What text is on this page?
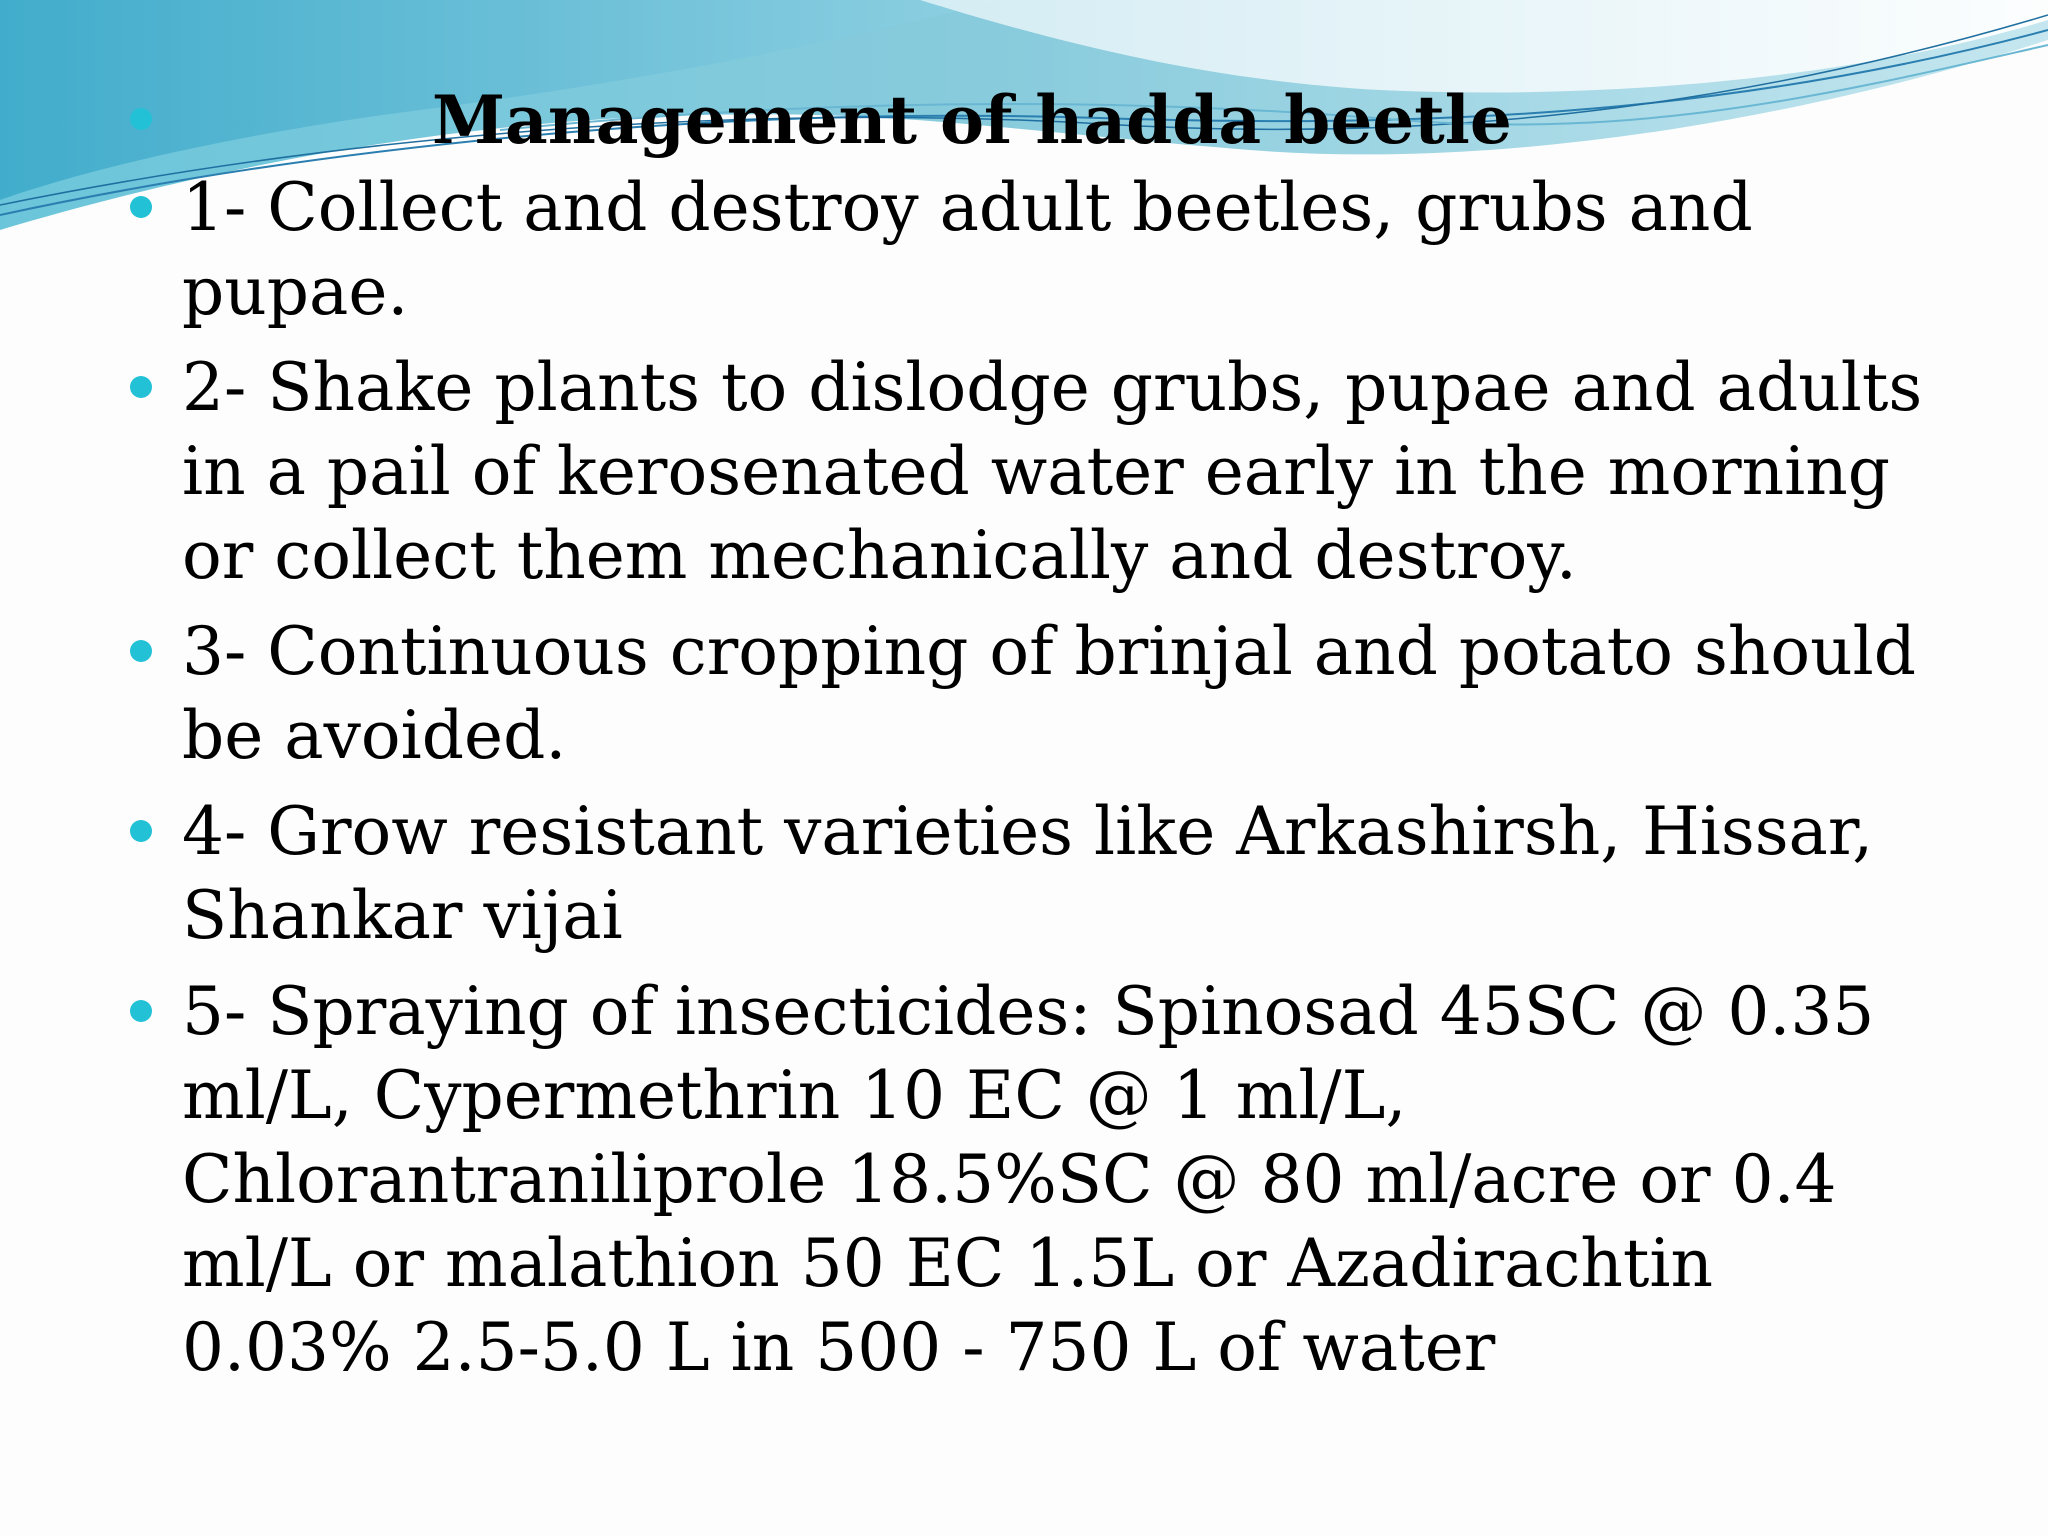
Management of hadda beetle
1- Collect and destroy adult beetles, grubs and pupae.
2- Shake plants to dislodge grubs, pupae and adults in a pail of kerosenated water early in the morning or collect them mechanically and destroy.
3- Continuous cropping of brinjal and potato should be avoided.
4- Grow resistant varieties like Arkashirsh, Hissar, Shankar vijai
5- Spraying of insecticides: Spinosad 45SC @ 0.35 ml/L, Cypermethrin 10 EC @ 1 ml/L, Chlorantraniliprole 18.5%SC @ 80 ml/acre or 0.4 ml/L or malathion 50 EC 1.5L or Azadirachtin 0.03% 2.5-5.0 L in 500 - 750 L of water
